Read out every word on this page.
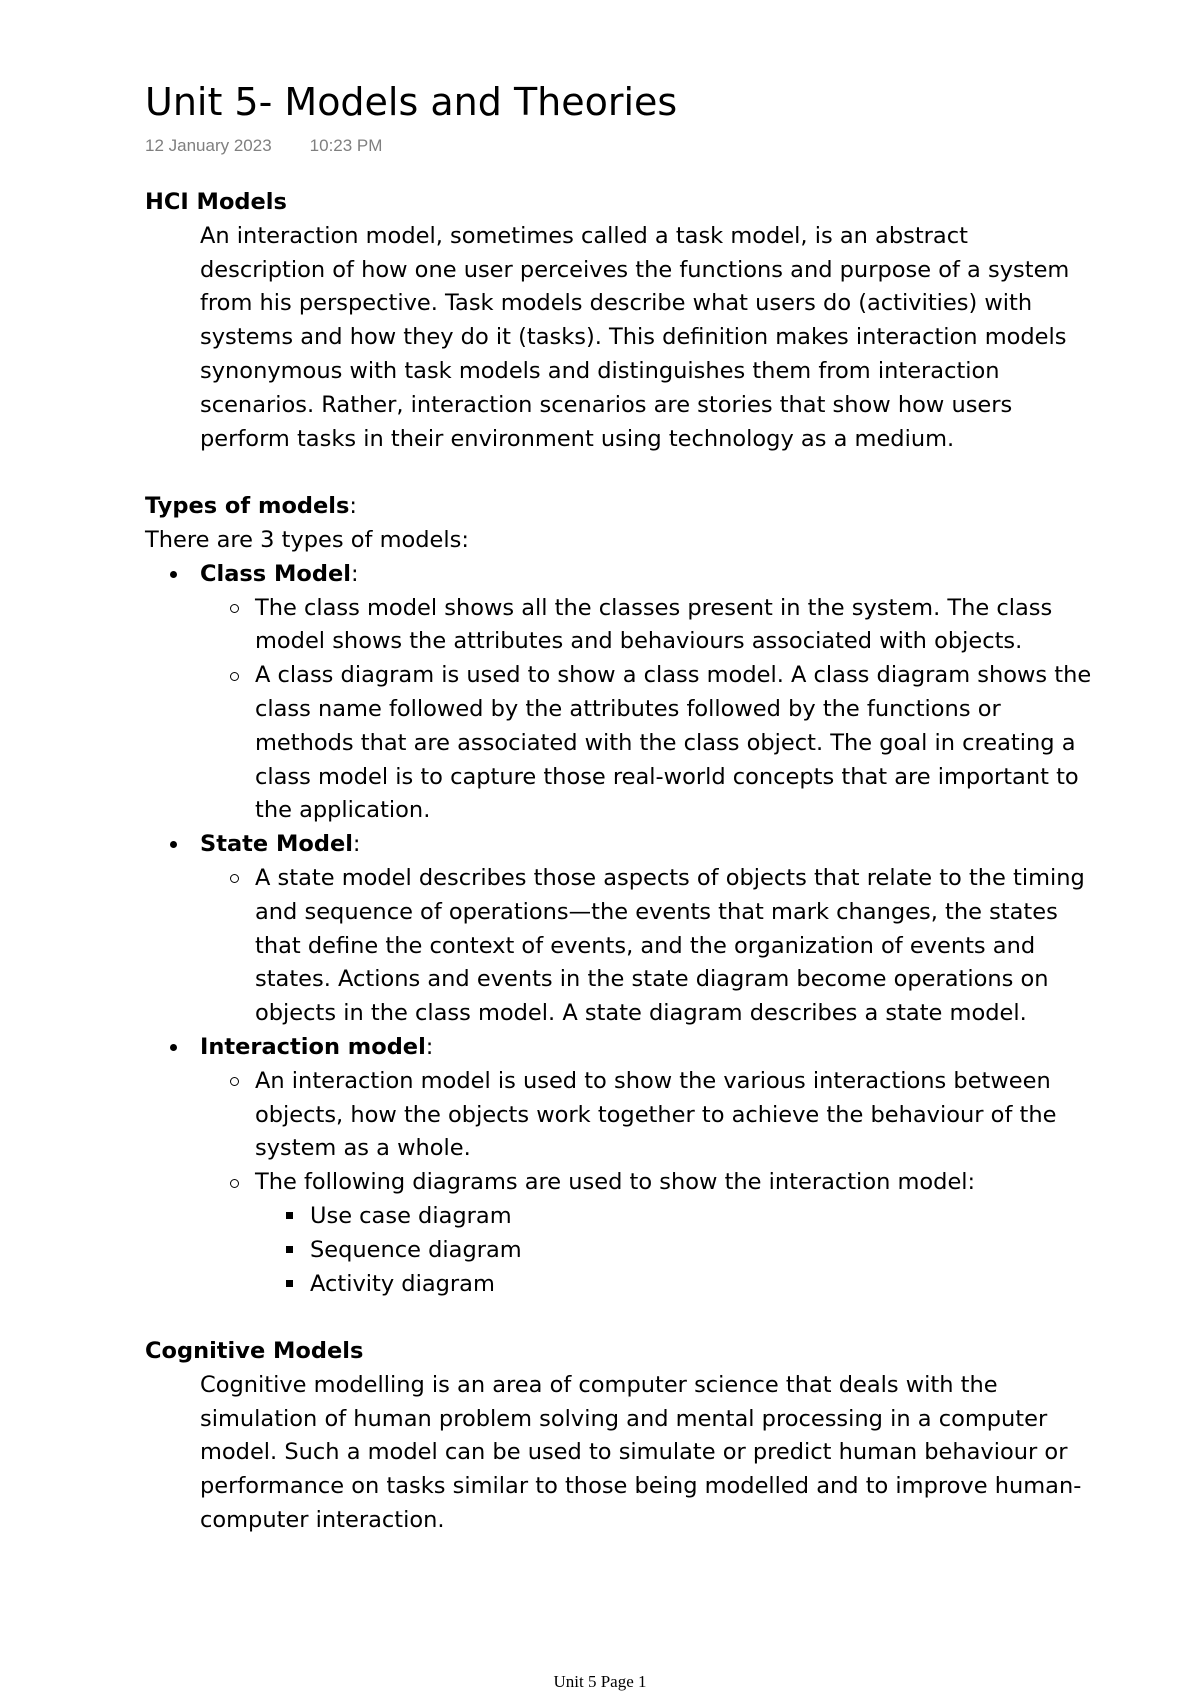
Unit 5- Models and Theories
12 January 2023 10:23 PM

HCI Models

An interaction model, sometimes called a task model, is an abstract description of how one user perceives the functions and purpose of a system from his perspective. Task models describe what users do (activities) with systems and how they do it (tasks). This definition makes interaction models synonymous with task models and distinguishes them from interaction scenarios. Rather, interaction scenarios are stories that show how users perform tasks in their environment using technology as a medium.

Types of models:

There are 3 types of models:

Class Model:
The class model shows all the classes present in the system. The class model shows the attributes and behaviours associated with objects.
A class diagram is used to show a class model. A class diagram shows the class name followed by the attributes followed by the functions or methods that are associated with the class object. The goal in creating a class model is to capture those real-world concepts that are important to the application.
State Model:
A state model describes those aspects of objects that relate to the timing and sequence of operations—the events that mark changes, the states that define the context of events, and the organization of events and states. Actions and events in the state diagram become operations on objects in the class model. A state diagram describes a state model.
Interaction model:
An interaction model is used to show the various interactions between objects, how the objects work together to achieve the behaviour of the system as a whole.
The following diagrams are used to show the interaction model:
Use case diagram
Sequence diagram
Activity diagram

Cognitive Models

Cognitive modelling is an area of computer science that deals with the simulation of human problem solving and mental processing in a computer model. Such a model can be used to simulate or predict human behaviour or performance on tasks similar to those being modelled and to improve human-computer interaction.

Unit 5 Page 1
